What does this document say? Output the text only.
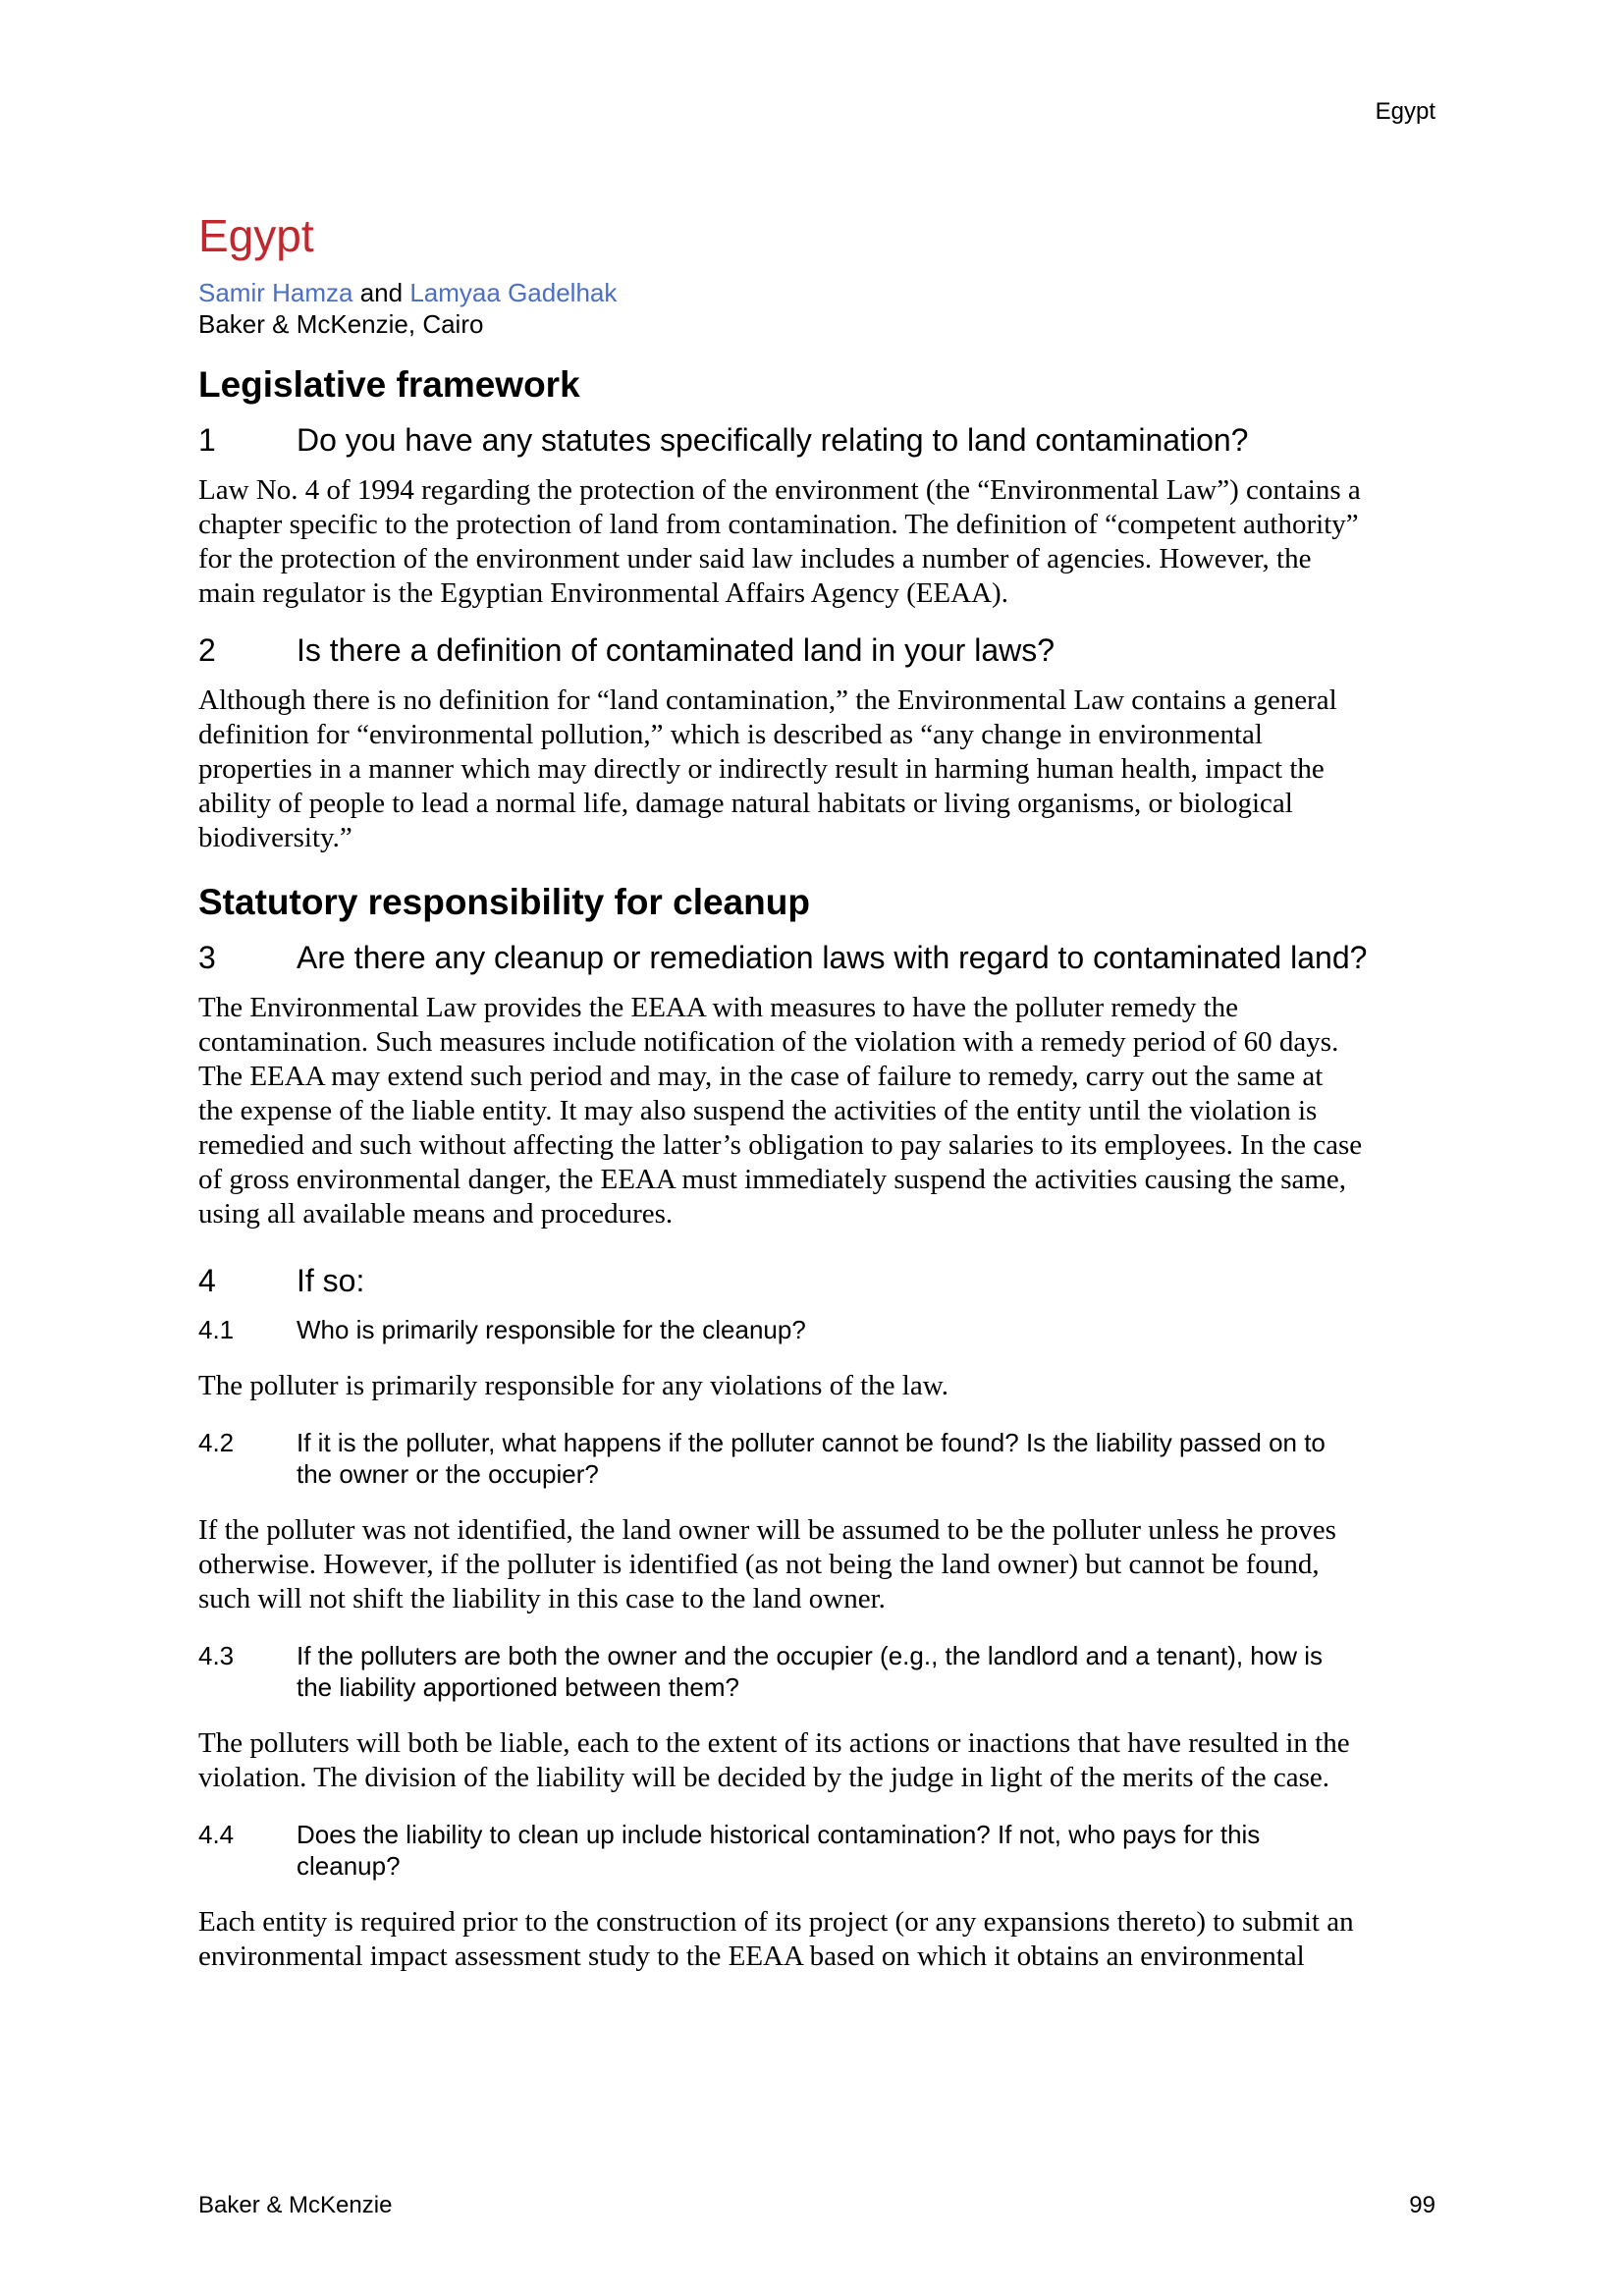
Egypt
Egypt
Samir Hamza and Lamyaa Gadelhak
Baker & McKenzie, Cairo
Legislative framework
1	Do you have any statutes specifically relating to land contamination?
Law No. 4 of 1994 regarding the protection of the environment (the “Environmental Law”) contains a
chapter specific to the protection of land from contamination. The definition of “competent authority”
for the protection of the environment under said law includes a number of agencies. However, the
main regulator is the Egyptian Environmental Affairs Agency (EEAA).
2	Is there a definition of contaminated land in your laws?
Although there is no definition for “land contamination,” the Environmental Law contains a general
definition for “environmental pollution,” which is described as “any change in environmental
properties in a manner which may directly or indirectly result in harming human health, impact the
ability of people to lead a normal life, damage natural habitats or living organisms, or biological
biodiversity.”
Statutory responsibility for cleanup
3	Are there any cleanup or remediation laws with regard to contaminated land?
The Environmental Law provides the EEAA with measures to have the polluter remedy the
contamination. Such measures include notification of the violation with a remedy period of 60 days.
The EEAA may extend such period and may, in the case of failure to remedy, carry out the same at
the expense of the liable entity. It may also suspend the activities of the entity until the violation is
remedied and such without affecting the latter’s obligation to pay salaries to its employees. In the case
of gross environmental danger, the EEAA must immediately suspend the activities causing the same,
using all available means and procedures.
4	If so:
4.1	Who is primarily responsible for the cleanup?
The polluter is primarily responsible for any violations of the law.
4.2	If it is the polluter, what happens if the polluter cannot be found? Is the liability passed on to
the owner or the occupier?
If the polluter was not identified, the land owner will be assumed to be the polluter unless he proves
otherwise. However, if the polluter is identified (as not being the land owner) but cannot be found,
such will not shift the liability in this case to the land owner.
4.3	If the polluters are both the owner and the occupier (e.g., the landlord and a tenant), how is
the liability apportioned between them?
The polluters will both be liable, each to the extent of its actions or inactions that have resulted in the
violation. The division of the liability will be decided by the judge in light of the merits of the case.
4.4	Does the liability to clean up include historical contamination? If not, who pays for this
cleanup?
Each entity is required prior to the construction of its project (or any expansions thereto) to submit an
environmental impact assessment study to the EEAA based on which it obtains an environmental
Baker & McKenzie	99
